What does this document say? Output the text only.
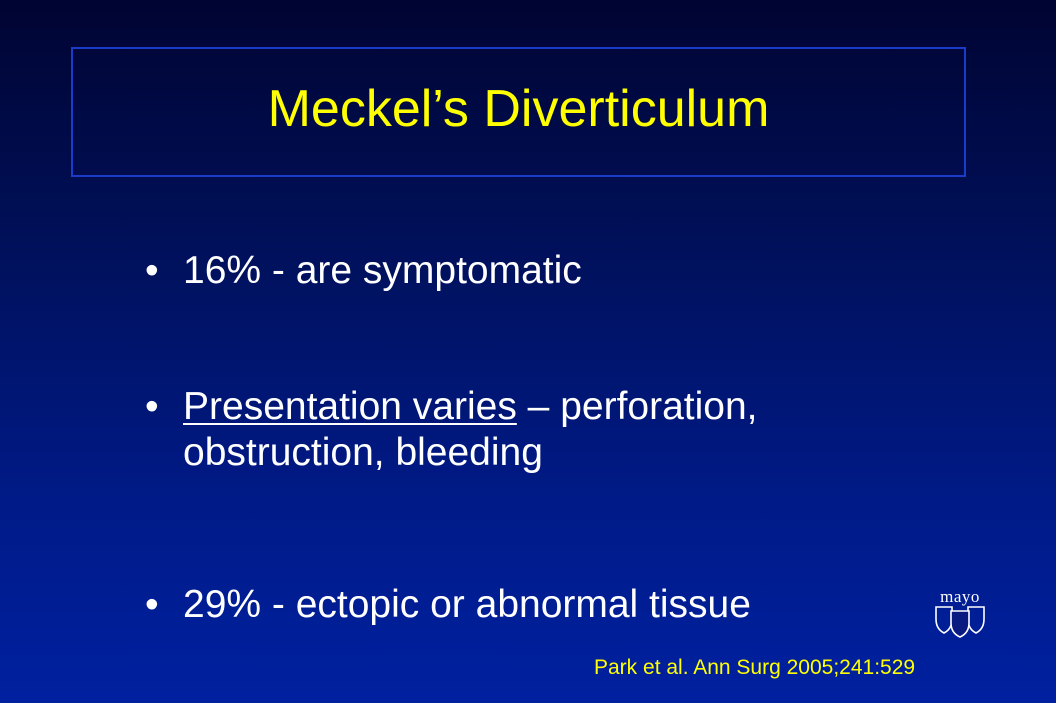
Meckel’s Diverticulum
• 16% - are symptomatic
• Presentation varies – perforation, obstruction, bleeding
• 29% - ectopic or abnormal tissue	mayo
Park et al. Ann Surg 2005;241:529
